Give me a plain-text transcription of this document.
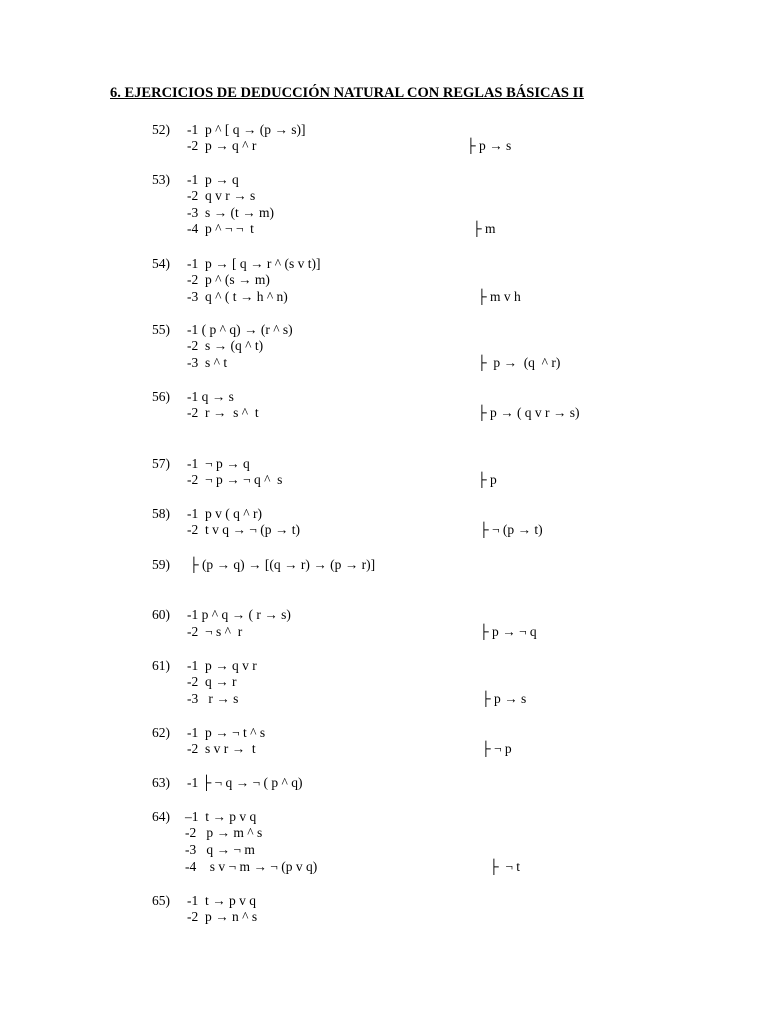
6. EJERCICIOS DE DEDUCCIÓN NATURAL CON REGLAS BÁSICAS II
52) -1  p ^ [ q → (p → s)]
-2  p → q ^ r	├ p → s
53) -1  p → q
-2  q v r → s
-3  s → (t → m)
-4  p ^ ¬ ¬  t	├ m
54) -1  p → [ q → r ^ (s v t)]
-2  p ^ (s → m)
-3  q ^ ( t → h ^ n)	├ m v h
55) -1 ( p ^ q) → (r ^ s)
-2  s → (q ^ t)
-3  s ^ t	├  p →  (q  ^ r)
56) -1 q → s
-2  r →  s ^  t	├ p → ( q v r → s)
57) -1  ¬ p → q
-2  ¬ p → ¬ q ^  s	├ p
58) -1  p v ( q ^ r)
-2  t v q → ¬ (p → t)	├ ¬ (p → t)
59) ├ (p → q) → [(q → r) → (p → r)]
60) -1 p ^ q → ( r → s)
-2  ¬ s ^  r	├ p → ¬ q
61) -1  p → q v r
-2  q → r
-3   r → s	├ p → s
62) -1  p → ¬ t ^ s
-2  s v r →  t	├ ¬ p
63) -1 ├ ¬ q → ¬ ( p ^ q)
64) –1  t → p v q
-2   p → m ^ s
-3   q → ¬ m
-4    s v ¬ m → ¬ (p v q)	├  ¬ t
65) -1  t → p v q
-2  p → n ^ s
